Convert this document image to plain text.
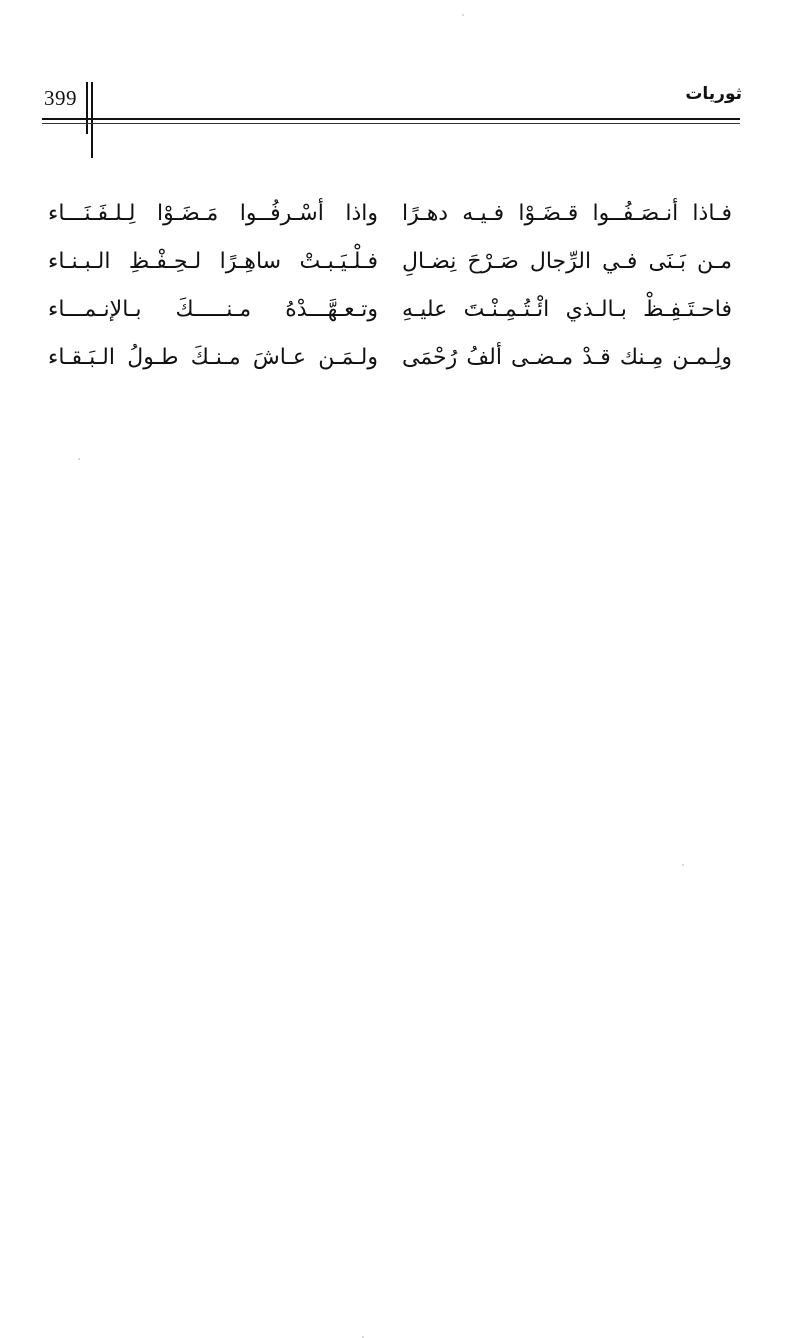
ثوريات
399
فـاذا أنـصَـفُــوا قـضَـوْا فـيـه دهـرًا
مـن بَـنَى فـي الرِّجال صَـرْحَ نِضـالِ
فاحـتَـفِـظْ بـالـذي ائْـتُـمِـنْـتَ عليـهِ
ولِـمـن مِـنك قـدْ مـضـى ألفُ رُحْمَى
واذا أسْـرفُــوا مَـضَـوْا لِـلـفَـنَـــاء
فـلْـيَـبـتْ ساهِـرًا لـحِـفْـظِ الـبـنـاء
وتـعـهَّـــدْهُ مـنـــــكَ بـالإنـمـــاء
ولـمَـن عـاشَ مـنـكَ طـولُ الـبَـقـاء
